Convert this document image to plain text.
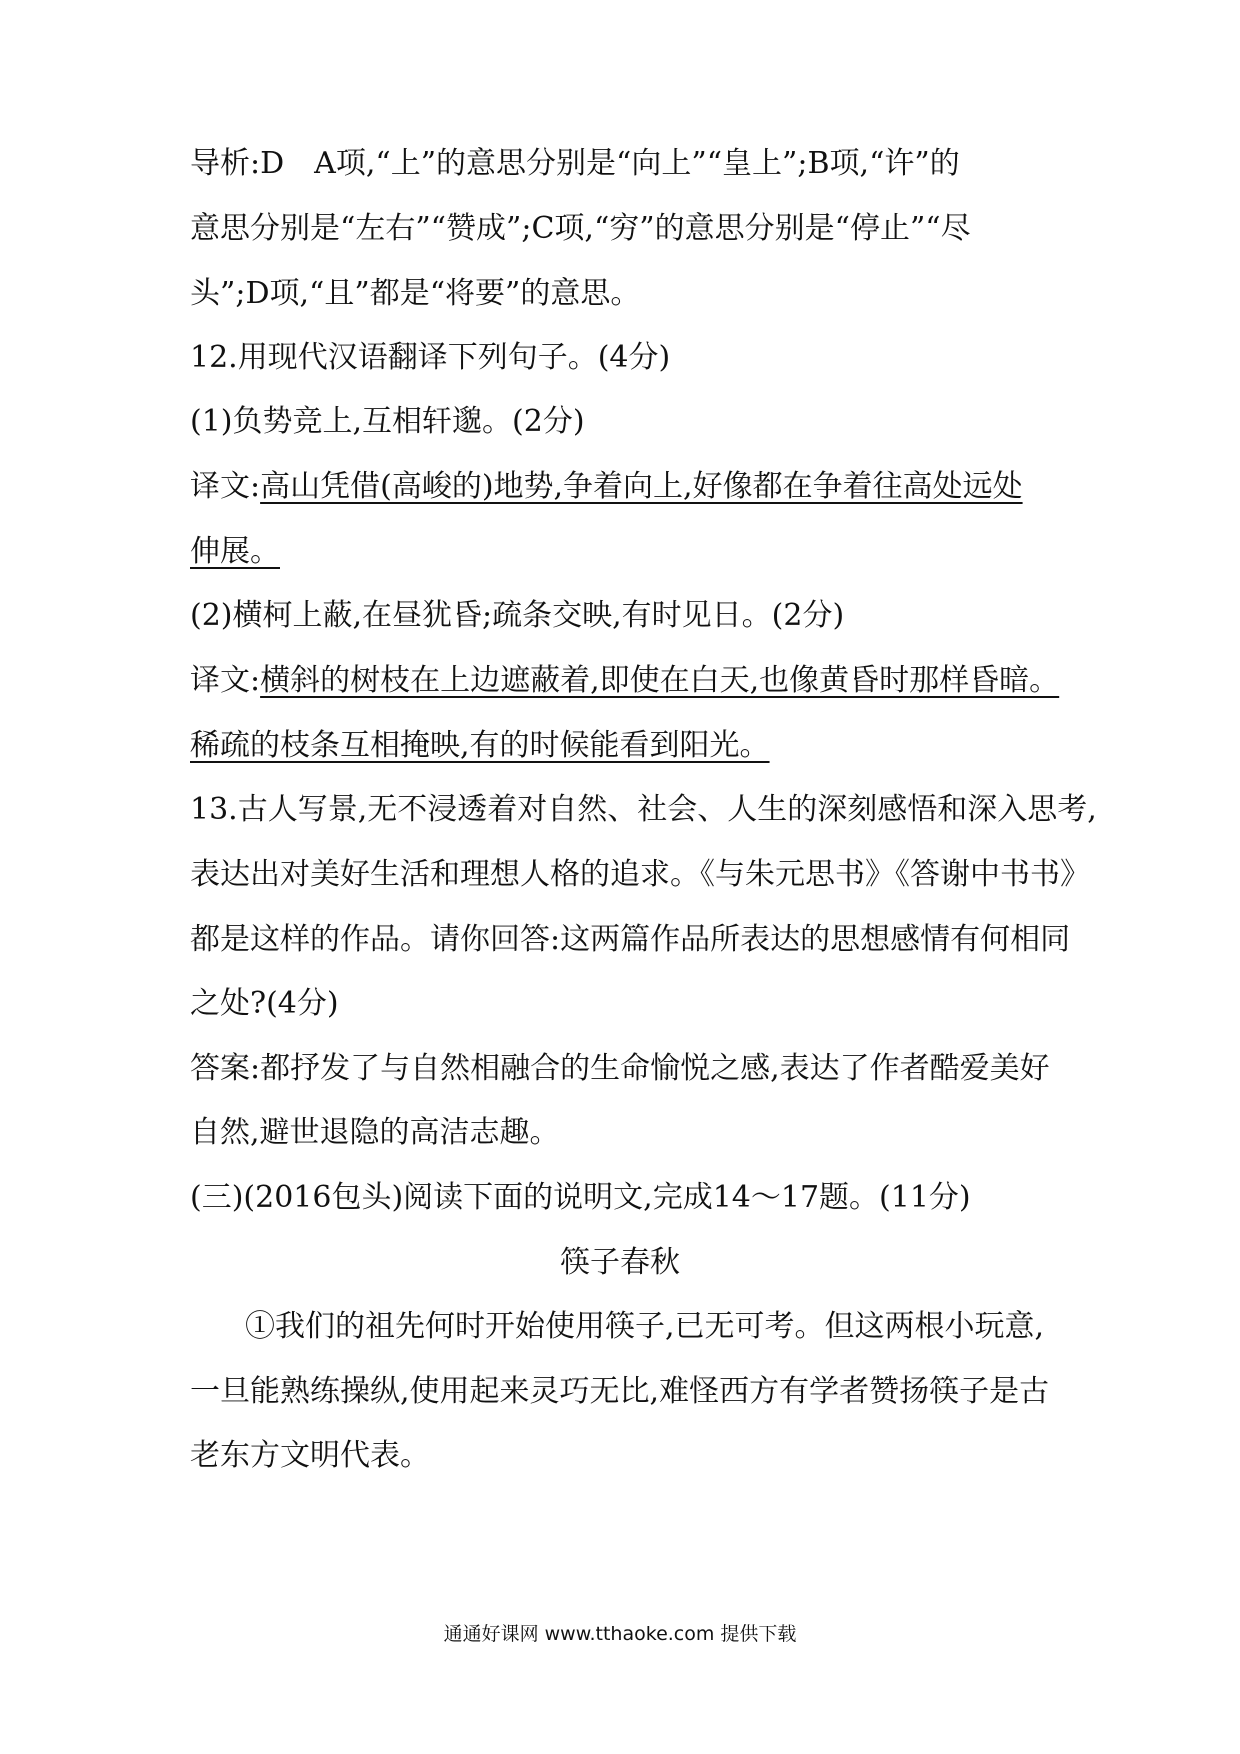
导析:D　A项,“上”的意思分别是“向上”“皇上”;B项,“许”的
意思分别是“左右”“赞成”;C项,“穷”的意思分别是“停止”“尽
头”;D项,“且”都是“将要”的意思。
12.用现代汉语翻译下列句子。(4分)
(1)负势竞上,互相轩邈。(2分)
译文:高山凭借(高峻的)地势,争着向上,好像都在争着往高处远处
伸展。
(2)横柯上蔽,在昼犹昏;疏条交映,有时见日。(2分)
译文:横斜的树枝在上边遮蔽着,即使在白天,也像黄昏时那样昏暗。
稀疏的枝条互相掩映,有的时候能看到阳光。
13.古人写景,无不浸透着对自然、社会、人生的深刻感悟和深入思考,
表达出对美好生活和理想人格的追求。《与朱元思书》《答谢中书书》
都是这样的作品。请你回答:这两篇作品所表达的思想感情有何相同
之处?(4分)
答案:都抒发了与自然相融合的生命愉悦之感,表达了作者酷爱美好
自然,避世退隐的高洁志趣。
(三)(2016包头)阅读下面的说明文,完成14～17题。(11分)
筷子春秋
①我们的祖先何时开始使用筷子,已无可考。但这两根小玩意,
一旦能熟练操纵,使用起来灵巧无比,难怪西方有学者赞扬筷子是古
老东方文明代表。
通通好课网 www.tthaoke.com 提供下载
